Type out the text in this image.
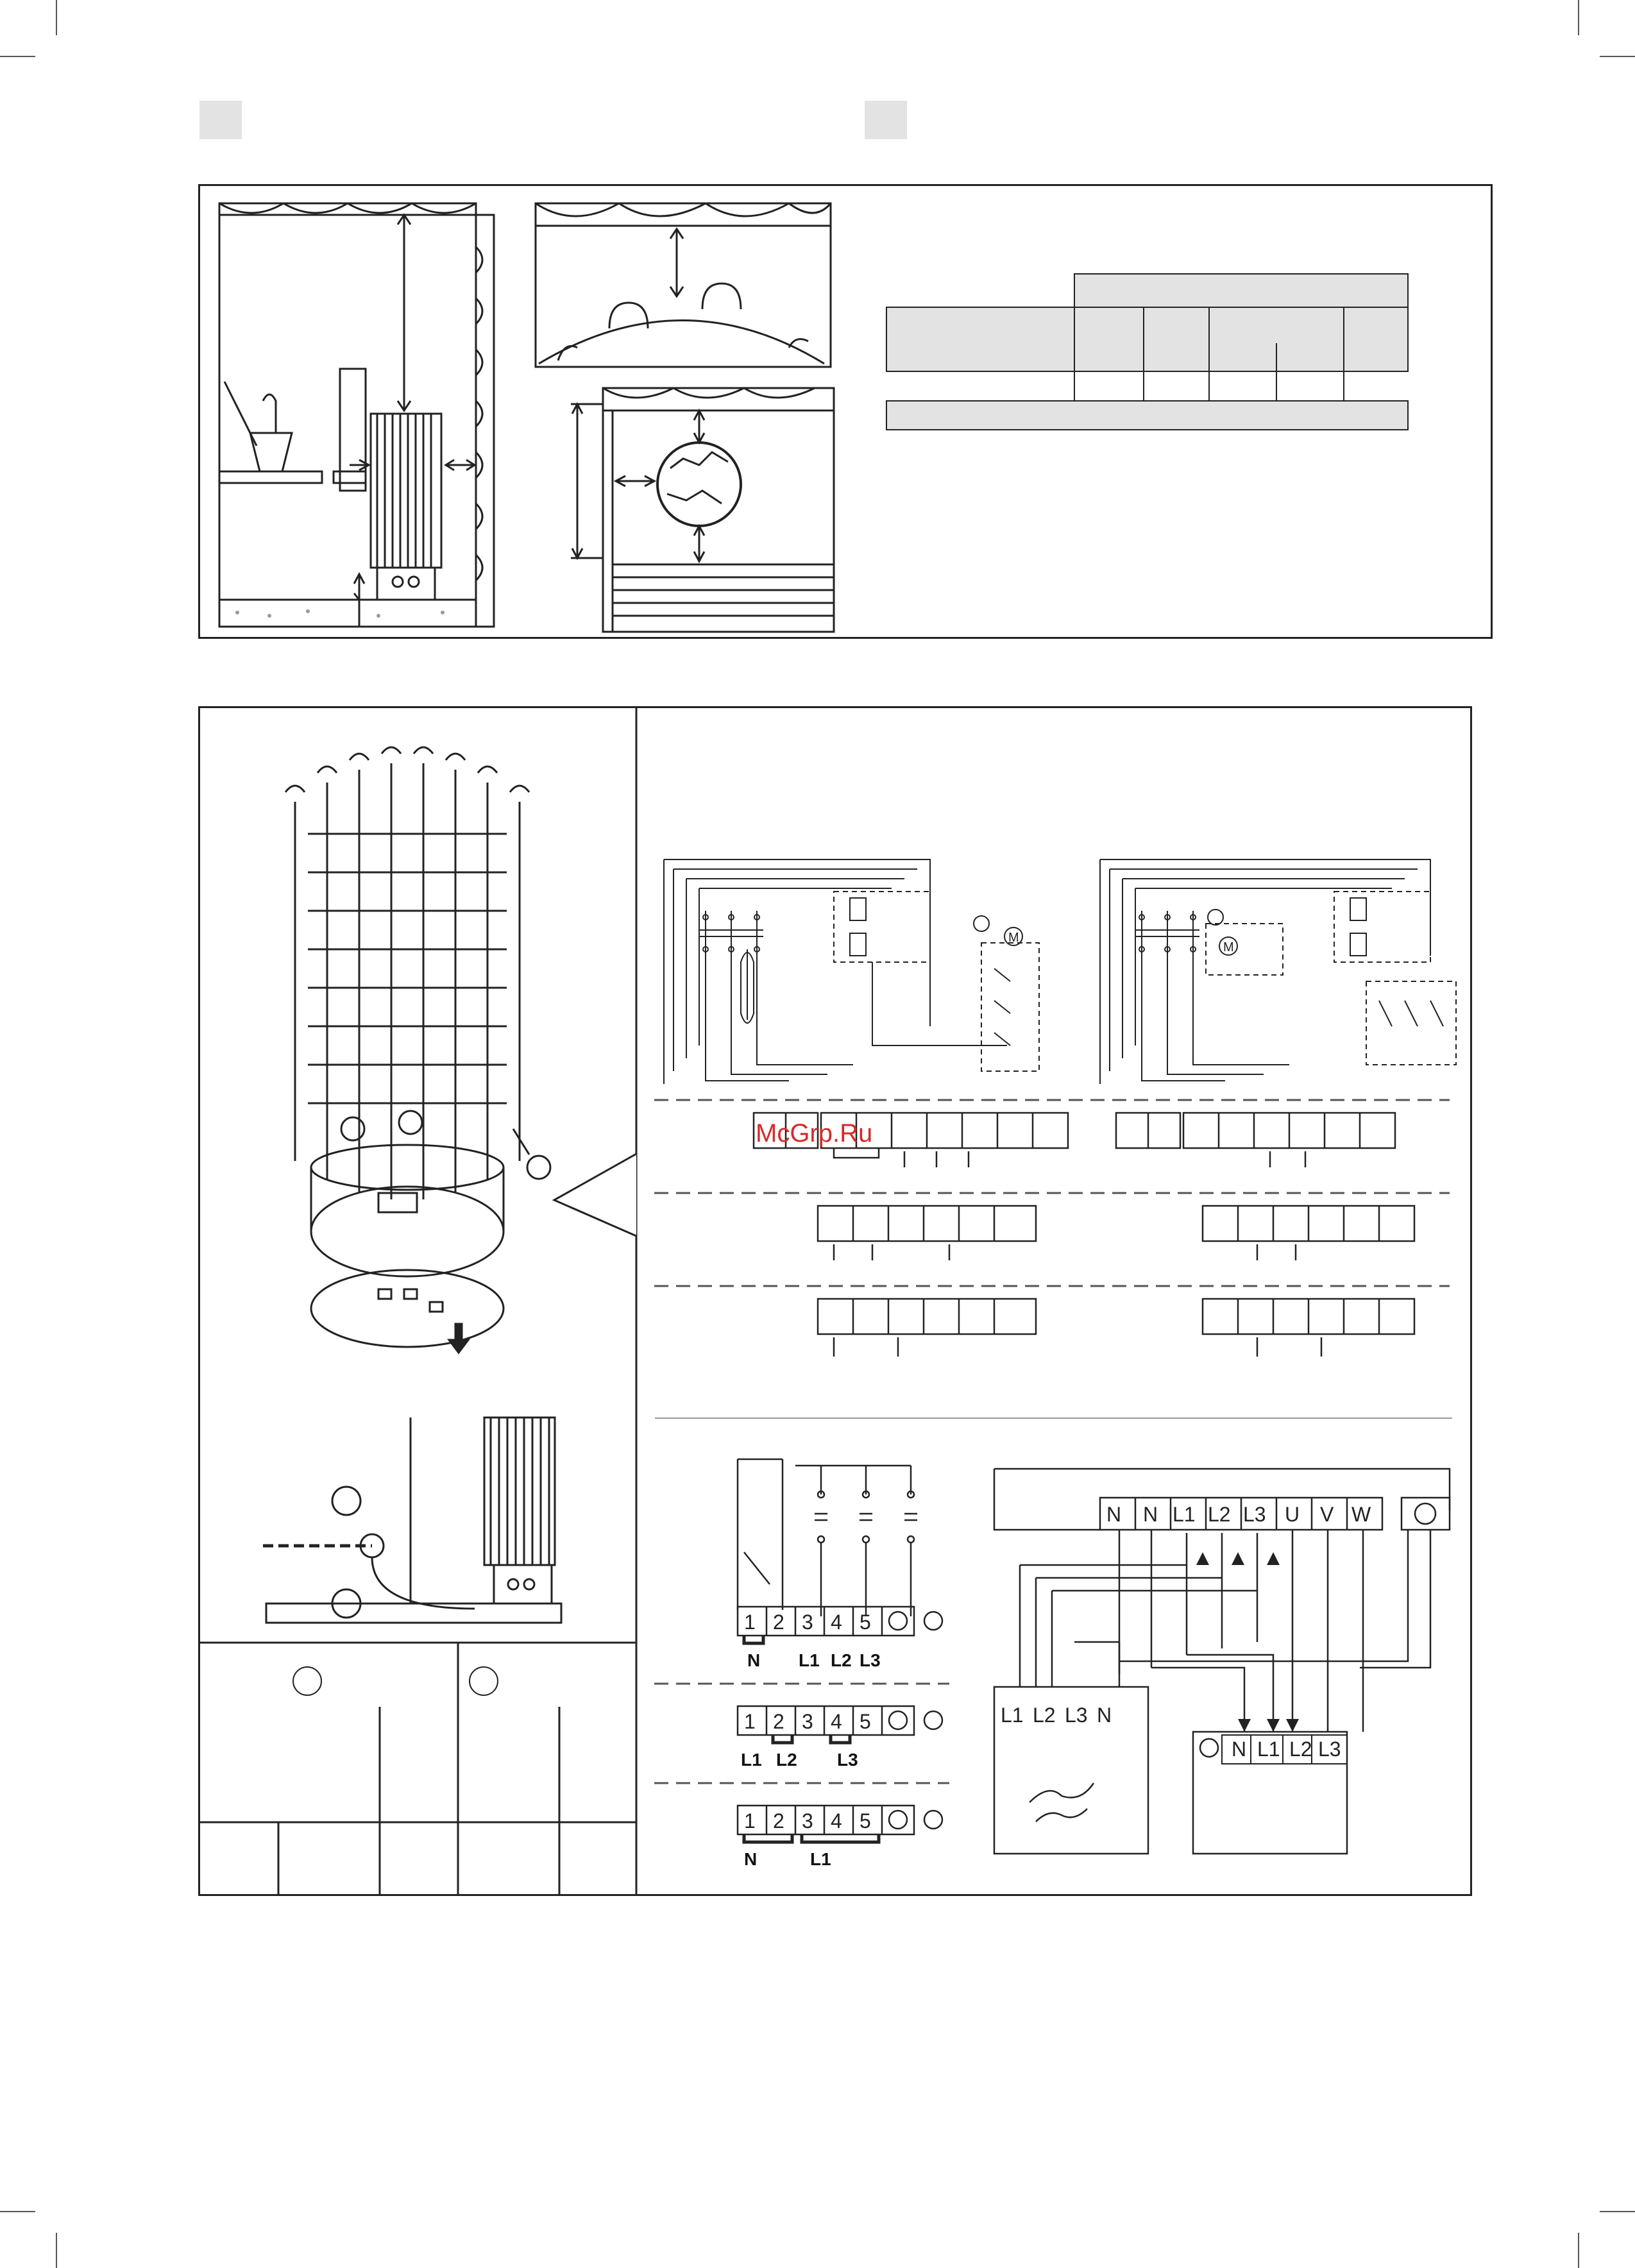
M
M
McGrp.Ru
1 2 3 4 5
N L1 L2 L3
1 2 3 4 5
L1 L2 L3
1 2 3 4 5
N	L1
N N L1 L2 L3 U V W
L1 L2 L3 N
N L1 L2 L3
